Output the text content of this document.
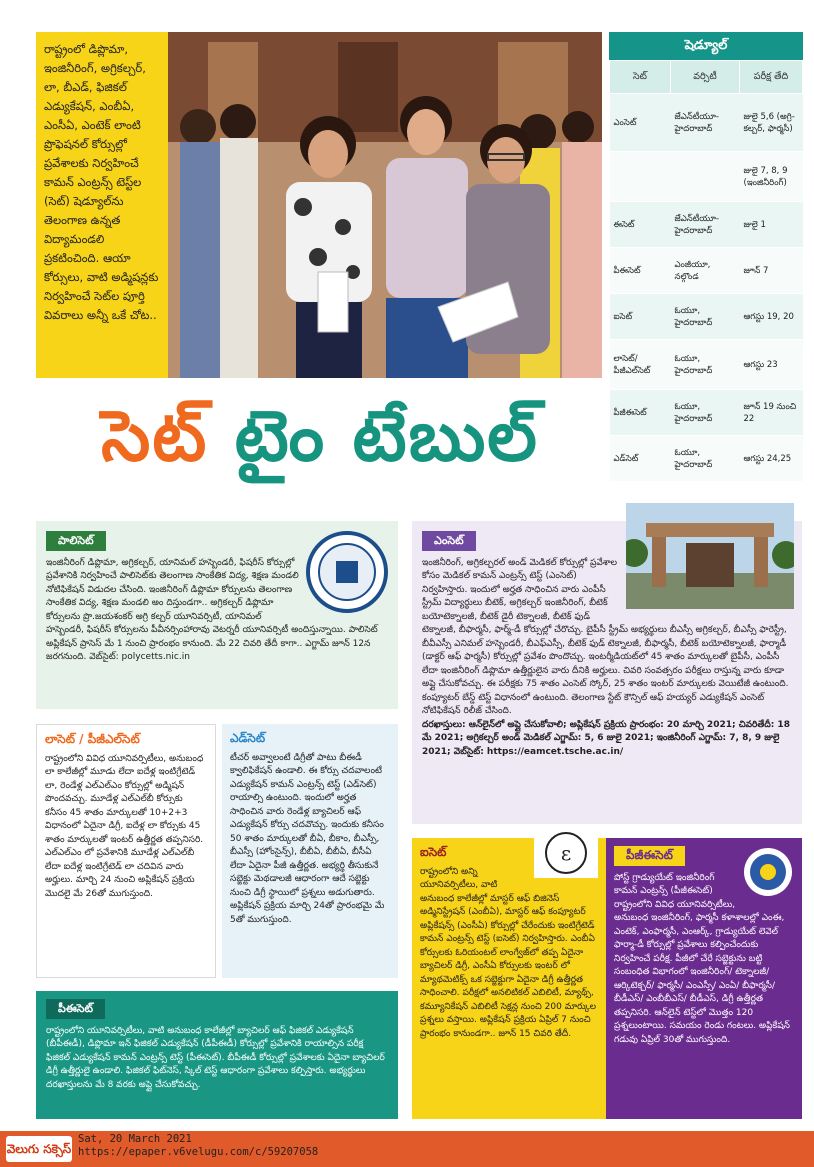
రాష్ట్రంలో డిప్లొమా, ఇంజినీరింగ్, అగ్రికల్చర్, లా, బీఎడ్, ఫిజికల్ ఎడ్యుకేషన్, ఎంబీఏ, ఎంసీఏ, ఎంటెక్ లాంటి ప్రొఫెషనల్ కోర్సుల్లో ప్రవేశాలకు నిర్వహించే కామన్ ఎంట్రన్స్ టెస్ట్‌ల (సెట్) షెడ్యూల్‌ను తెలంగాణ ఉన్నత విద్యామండలి ప్రకటించింది. ఆయా కోర్సులు, వాటి అడ్మిషన్లకు నిర్వహించే సెట్‌ల పూర్తి వివరాలు అన్నీ ఒకే చోట..

షెడ్యూల్
సెట్	వర్సిటీ	పరీక్ష తేది
ఎంసెట్	జేఎన్‌టీయూ-హైదరాబాద్	జులై 5,6 (అగ్రి-కల్చర్, ఫార్మసీ)
		జులై 7, 8, 9 (ఇంజినీరింగ్)
ఈసెట్	జేఎన్‌టీయూ-హైదరాబాద్	జులై 1
పీఈసెట్	ఎంజీయూ, నల్గొండ	జూన్ 7
ఐసెట్	ఓయూ, హైదరాబాద్	ఆగస్టు 19, 20
లాసెట్/ పీజీఎల్‌సెట్	ఓయూ, హైదరాబాద్	ఆగస్టు 23
పీజీఈసెట్	ఓయూ, హైదరాబాద్	జూన్ 19 నుంచి 22
ఎడ్‌సెట్	ఓయూ, హైదరాబాద్	ఆగస్టు 24,25
సెట్ టైం టేబుల్
పాలిసెట్

ఇంజినీరింగ్ డిప్లొమా, అగ్రికల్చర్, యానిమల్ హస్బెండరీ, ఫిషరీస్ కోర్సుల్లో ప్రవేశానికి నిర్వహించే పాలిసెట్‌కు తెలంగాణ సాంకేతిక విద్య, శిక్షణ మండలి నోటిఫికేషన్ విడుదల చేసింది. ఇంజినీరింగ్ డిప్లొమా కోర్సులను తెలంగాణ సాంకేతిక విద్య, శిక్షణ మండలి అం దిస్తుండగా.. అగ్రికల్చర్ డిప్లొమా కోర్సులను ప్రొ.జయశంకర్ అగ్రి కల్చర్ యూనివర్సిటీ, యానిమల్ హస్బెండరీ, ఫిషరీస్ కోర్సులను పీవీనర్సింహారావు వెటర్నరీ యూనివర్సిటీ అందిస్తున్నాయి. పాలిసెట్ అప్లికేషన్ ప్రాసెస్ మే 1 నుంచి ప్రారంభం కానుంది. మే 22 చివరి తేదీ కాగా.. ఎగ్జామ్ జూన్ 12న జరగనుంది. వెబ్‌సైట్: polycetts.nic.in

ఎంసెట్

ఇంజినీరింగ్, అగ్రికల్చరల్ అండ్ మెడికల్ కోర్సుల్లో ప్రవేశాల కోసం మెడికల్ కామన్ ఎంట్రన్స్ టెస్ట్ (ఎంసెట్) నిర్వహిస్తారు. ఇందులో అర్హత సాధించిన వారు ఎంపీసీ స్ట్రీమ్ విద్యార్థులు బీటెక్, అగ్రికల్చర్ ఇంజినీరింగ్, బీటెక్ బయోటెక్నాలజీ, బీటెక్ డైరీ టెక్నాలజీ, బీటెక్ ఫుడ్ టెక్నాలజీ, బీఫార్మసీ, ఫార్మ్-డీ కోర్సుల్లో చేరొచ్చు. బైపీసీ స్ట్రీమ్ అభ్యర్థులు బీఎస్సీ అగ్రికల్చర్, బీఎస్సీ ఫారెస్ట్రీ, బీవీఎస్సీ ఎనిమల్ హస్బెండరీ, బీఎఫ్‌ఎస్సీ, బీటెక్ ఫుడ్ టెక్నాలజీ, బీఫార్మసీ, బీటెక్ బయోటెక్నాలజీ, ఫార్మాడీ (డాక్టర్ ఆఫ్ ఫార్మసీ) కోర్సుల్లో ప్రవేశం పొందొచ్చు. ఇంటర్మీడియట్‌లో 45 శాతం మార్కులతో బైపీసీ, ఎంపీసీ లేదా ఇంజినీరింగ్ డిప్లొమా ఉత్తీర్ణులైన వారు దీనికి అర్హులు. చివరి సంవత్సరం పరీక్షలు రాస్తున్న వారు కూడా అప్లై చేసుకోవచ్చు. ఈ పరీక్షకు 75 శాతం ఎంసెట్ స్కోర్, 25 శాతం ఇంటర్ మార్కులకు వెయిటేజీ ఉంటుంది. కంప్యూటర్ బేస్డ్ టెస్ట్ విధానంలో ఉంటుంది. తెలంగాణ స్టేట్ కౌన్సిల్ ఆఫ్ హయ్యర్ ఎడ్యుకేషన్ ఎంసెట్ నోటిఫికేషన్ రిలీజ్ చేసింది.

దరఖాస్తులు: ఆన్‌లైన్‌లో అప్లై చేసుకోవాలి; అప్లికేషన్ ప్రక్రియ ప్రారంభం: 20 మార్చి 2021; చివరితేదీ: 18 మే 2021; అగ్రికల్చర్ అండ్ మెడికల్ ఎగ్జామ్: 5, 6 జులై 2021; ఇంజినీరింగ్ ఎగ్జామ్: 7, 8, 9 జులై 2021; వెబ్‌సైట్: https://eamcet.tsche.ac.in/

లాసెట్ / పీజీఎల్‌సెట్

రాష్ట్రంలోని వివిధ యూనివర్సిటీలు, అనుబంధ లా కాలేజీల్లో మూడు లేదా ఐదేళ్ల ఇంటిగ్రేటెడ్ లా, రెండేళ్ల ఎల్‌ఎల్‌ఎం కోర్సుల్లో అడ్మిషన్ పొందవచ్చు. మూడేళ్ల ఎల్‌ఎల్‌బీ కోర్సుకు కనీసం 45 శాతం మార్కులతో 10+2+3 విధానంలో ఏదైనా డిగ్రీ, ఐదేళ్ల లా కోర్సుకు 45 శాతం మార్కులతో ఇంటర్ ఉత్తీర్ణత తప్పనిసరి. ఎల్‌ఎల్‌ఎం లో ప్రవేశానికి మూడేళ్ల ఎల్‌ఎల్‌బీ లేదా ఐదేళ్ల ఇంటిగ్రేటెడ్ లా చదివిన వారు అర్హులు. మార్చి 24 నుంచి అప్లికేషన్ ప్రక్రియ మొదలై మే 26తో ముగుస్తుంది.

ఎడ్‌సెట్

టీచర్ అవ్వాలంటే డిగ్రీతో పాటు బీఈడీ క్వాలిఫికేషన్ ఉండాలి. ఈ కోర్సు చదవాలంటే ఎడ్యుకేషన్ కామన్ ఎంట్రన్స్ టెస్ట్ (ఎడ్‌సెట్) రాయాల్సి ఉంటుంది. ఇందులో అర్హత సాధించిన వారు రెండేళ్ల బ్యాచిలర్ ఆఫ్ ఎడ్యుకేషన్ కోర్సు చదవొచ్చు. ఇందుకు కనీసం 50 శాతం మార్కులతో బీఏ, బీకాం, బీఎస్సీ, బీఎస్సీ (హోంసైన్స్), బీబీఏ, బీబీఏ, బీసీఏ లేదా ఏదైనా పీజీ ఉత్తీర్ణత. అభ్యర్థి తీసుకునే సబ్జెక్టు మెథడాలజీ ఆధారంగా ఆదే సబ్జెక్టు నుంచి డిగ్రీ స్థాయిలో ప్రశ్నలు అడుగుతారు. అప్లికేషన్ ప్రక్రియ మార్చి 24తో ప్రారంభమై మే 5తో ముగుస్తుంది.

పీఈసెట్

రాష్ట్రంలోని యూనివర్సిటీలు, వాటి అనుబంధ కాలేజీల్లో బ్యాచిలర్ ఆఫ్ ఫిజికల్ ఎడ్యుకేషన్ (బీపీఈడీ), డిప్లొమా ఇన్ ఫిజికల్ ఎడ్యుకేషన్ (డీపీఈడీ) కోర్సుల్లో ప్రవేశానికి రాయాల్సిన పరీక్ష ఫిజికల్ ఎడ్యుకేషన్ కామన్ ఎంట్రన్స్ టెస్ట్ (పీఈసెట్). బీపీఈడీ కోర్సుల్లో ప్రవేశాలకు ఏదైనా బ్యాచిలర్ డిగ్రీ ఉత్తీర్ణులై ఉండాలి. ఫిజికల్ ఫిట్‌నెస్, స్కిల్ టెస్ట్ ఆధారంగా ప్రవేశాలు కల్పిస్తారు. అభ్యర్థులు దరఖాస్తులను మే 8 వరకు అప్లై చేసుకోవచ్చు.

ఐసెట్	ε

రాష్ట్రంలోని అన్ని యూనివర్సిటీలు, వాటి అనుబంధ కాలేజీల్లో మాస్టర్ ఆఫ్ బిజినెస్ అడ్మినిస్ట్రేషన్ (ఎంబీఏ), మాస్టర్ ఆఫ్ కంప్యూటర్ అప్లికేషన్స్ (ఎంసీఏ) కోర్సుల్లో చేరేందుకు ఇంటిగ్రేటెడ్ కామన్ ఎంట్రన్స్ టెస్ట్ (ఐసెట్) నిర్వహిస్తారు. ఎంబీఏ కోర్సులకు ఓరియంటల్ లాంగ్వేజ్‌లో తప్ప ఏదైనా బ్యాచిలర్ డిగ్రీ, ఎంసీఏ కోర్సులకు ఇంటర్ లో మ్యాథమెటిక్స్ ఒక సబ్జెక్టుగా ఏదైనా డిగ్రీ ఉత్తీర్ణత సాధించాలి. పరీక్షలో అనలిటికల్ ఎబిలిటీ, మ్యాథ్స్, కమ్యూనికేషన్ ఎబిలిటీ సెక్షన్ల నుంచి 200 మార్కుల ప్రశ్నలు వస్తాయి. అప్లికేషన్ ప్రక్రియ ఏప్రిల్ 7 నుంచి ప్రారంభం కానుండగా.. జూన్ 15 చివరి తేదీ.

పీజీఈసెట్

పోస్ట్ గ్రాడ్యుయేట్ ఇంజినీరింగ్ కామన్ ఎంట్రన్స్ (పీజీఈసెట్) రాష్ట్రంలోని వివిధ యూనివర్సిటీలు, అనుబంధ ఇంజినీరింగ్, ఫార్మసీ కళాశాలల్లో ఎంఈ, ఎంటెక్, ఎంఫార్మసీ, ఎంఆర్క్, గ్రాడ్యుయేట్ లెవెల్ ఫార్మా-డీ కోర్సుల్లో ప్రవేశాలు కల్పించేందుకు నిర్వహించే పరీక్ష. పీజీలో చేరే సబ్జెక్టును బట్టి సంబంధిత విభాగంలో ఇంజినీరింగ్/ టెక్నాలజీ/ ఆర్కిటెక్చర్/ ఫార్మసీ/ ఎంఎస్సీ/ ఎంఏ/ బీఫార్మసీ/ బీడీఎస్/ ఎంబీబీఎస్/ బీడీఎస్, డిగ్రీ ఉత్తీర్ణత తప్పనిసరి. ఆన్‌లైన్ టెస్ట్‌లో మొత్తం 120 ప్రశ్నలుంటాయి. సమయం రెండు గంటలు. అప్లికేషన్ గడువు ఏప్రిల్ 30తో ముగుస్తుంది.

వెలుగు సక్సెస్
Sat, 20 March 2021
https://epaper.v6velugu.com/c/59207058
